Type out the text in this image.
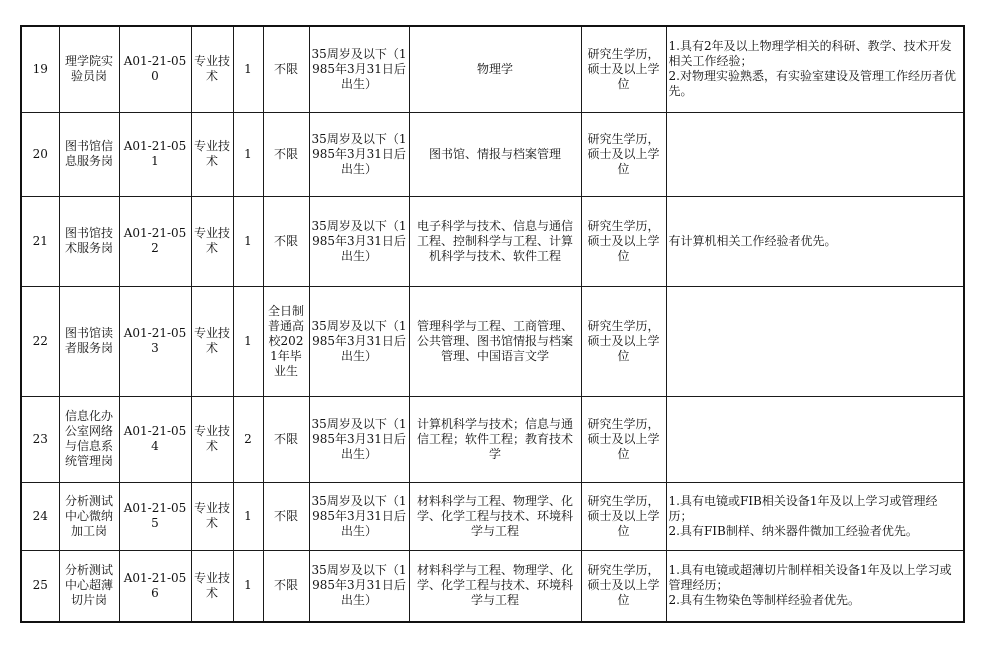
19	理学院实验员岗	A01-21-050	专业技术	1	不限	35周岁及以下（1985年3月31日后出生）	物理学	研究生学历，硕士及以上学位	1.具有2年及以上物理学相关的科研、教学、技术开发相关工作经验；
2.对物理实验熟悉，有实验室建设及管理工作经历者优先。
20	图书馆信息服务岗	A01-21-051	专业技术	1	不限	35周岁及以下（1985年3月31日后出生）	图书馆、情报与档案管理	研究生学历，硕士及以上学位	
21	图书馆技术服务岗	A01-21-052	专业技术	1	不限	35周岁及以下（1985年3月31日后出生）	电子科学与技术、信息与通信工程、控制科学与工程、计算机科学与技术、软件工程	研究生学历，硕士及以上学位	有计算机相关工作经验者优先。
22	图书馆读者服务岗	A01-21-053	专业技术	1	全日制普通高校2021年毕业生	35周岁及以下（1985年3月31日后出生）	管理科学与工程、工商管理、公共管理、图书馆情报与档案管理、中国语言文学	研究生学历，硕士及以上学位	
23	信息化办公室网络与信息系统管理岗	A01-21-054	专业技术	2	不限	35周岁及以下（1985年3月31日后出生）	计算机科学与技术；信息与通信工程；软件工程；教育技术学	研究生学历，硕士及以上学位	
24	分析测试中心微纳加工岗	A01-21-055	专业技术	1	不限	35周岁及以下（1985年3月31日后出生）	材料科学与工程、物理学、化学、化学工程与技术、环境科学与工程	研究生学历，硕士及以上学位	1.具有电镜或FIB相关设备1年及以上学习或管理经历；
2.具有FIB制样、纳米器件微加工经验者优先。
25	分析测试中心超薄切片岗	A01-21-056	专业技术	1	不限	35周岁及以下（1985年3月31日后出生）	材料科学与工程、物理学、化学、化学工程与技术、环境科学与工程	研究生学历，硕士及以上学位	1.具有电镜或超薄切片制样相关设备1年及以上学习或管理经历；
2.具有生物染色等制样经验者优先。
